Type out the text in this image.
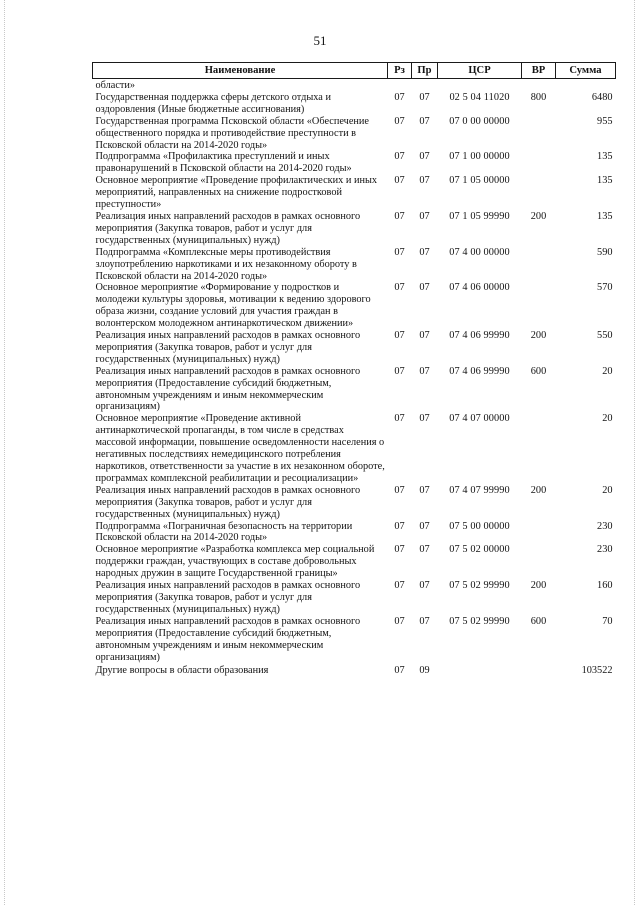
51
Наименование	Рз	Пр	ЦСР	ВР	Сумма
области»					
Государственная поддержка сферы детского отдыха и оздоровления (Иные бюджетные ассигнования)	07	07	02 5 04 11020	800	6480
Государственная программа Псковской области «Обеспечение общественного порядка и противодействие преступности в Псковской области на 2014-2020 годы»	07	07	07 0 00 00000		955
Подпрограмма «Профилактика преступлений и иных правонарушений в Псковской области на 2014-2020 годы»	07	07	07 1 00 00000		135
Основное мероприятие «Проведение профилактических и иных мероприятий, направленных на снижение подростковой преступности»	07	07	07 1 05 00000		135
Реализация иных направлений расходов в рамках основного мероприятия (Закупка товаров, работ и услуг для государственных (муниципальных) нужд)	07	07	07 1 05 99990	200	135
Подпрограмма «Комплексные меры противодействия злоупотреблению наркотиками и их незаконному обороту в Псковской области на 2014-2020 годы»	07	07	07 4 00 00000		590
Основное мероприятие «Формирование у подростков и молодежи культуры здоровья, мотивации к ведению здорового образа жизни, создание условий для участия граждан в волонтерском молодежном антинаркотическом движении»	07	07	07 4 06 00000		570
Реализация иных направлений расходов в рамках основного мероприятия (Закупка товаров, работ и услуг для государственных (муниципальных) нужд)	07	07	07 4 06 99990	200	550
Реализация иных направлений расходов в рамках основного мероприятия (Предоставление субсидий бюджетным, автономным учреждениям и иным некоммерческим организациям)	07	07	07 4 06 99990	600	20
Основное мероприятие «Проведение активной антинаркотической пропаганды, в том числе в средствах массовой информации, повышение осведомленности населения о негативных последствиях немедицинского потребления наркотиков, ответственности за участие в их незаконном обороте, программах комплексной реабилитации и ресоциализации»	07	07	07 4 07 00000		20
Реализация иных направлений расходов в рамках основного мероприятия (Закупка товаров, работ и услуг для государственных (муниципальных) нужд)	07	07	07 4 07 99990	200	20
Подпрограмма «Пограничная безопасность на территории Псковской области на 2014-2020 годы»	07	07	07 5 00 00000		230
Основное мероприятие «Разработка комплекса мер социальной поддержки граждан, участвующих в составе добровольных народных дружин в защите Государственной границы»	07	07	07 5 02 00000		230
Реализация иных направлений расходов в рамках основного мероприятия (Закупка товаров, работ и услуг для государственных (муниципальных) нужд)	07	07	07 5 02 99990	200	160
Реализация иных направлений расходов в рамках основного мероприятия (Предоставление субсидий бюджетным, автономным учреждениям и иным некоммерческим организациям)	07	07	07 5 02 99990	600	70
Другие вопросы в области образования	07	09			103522
